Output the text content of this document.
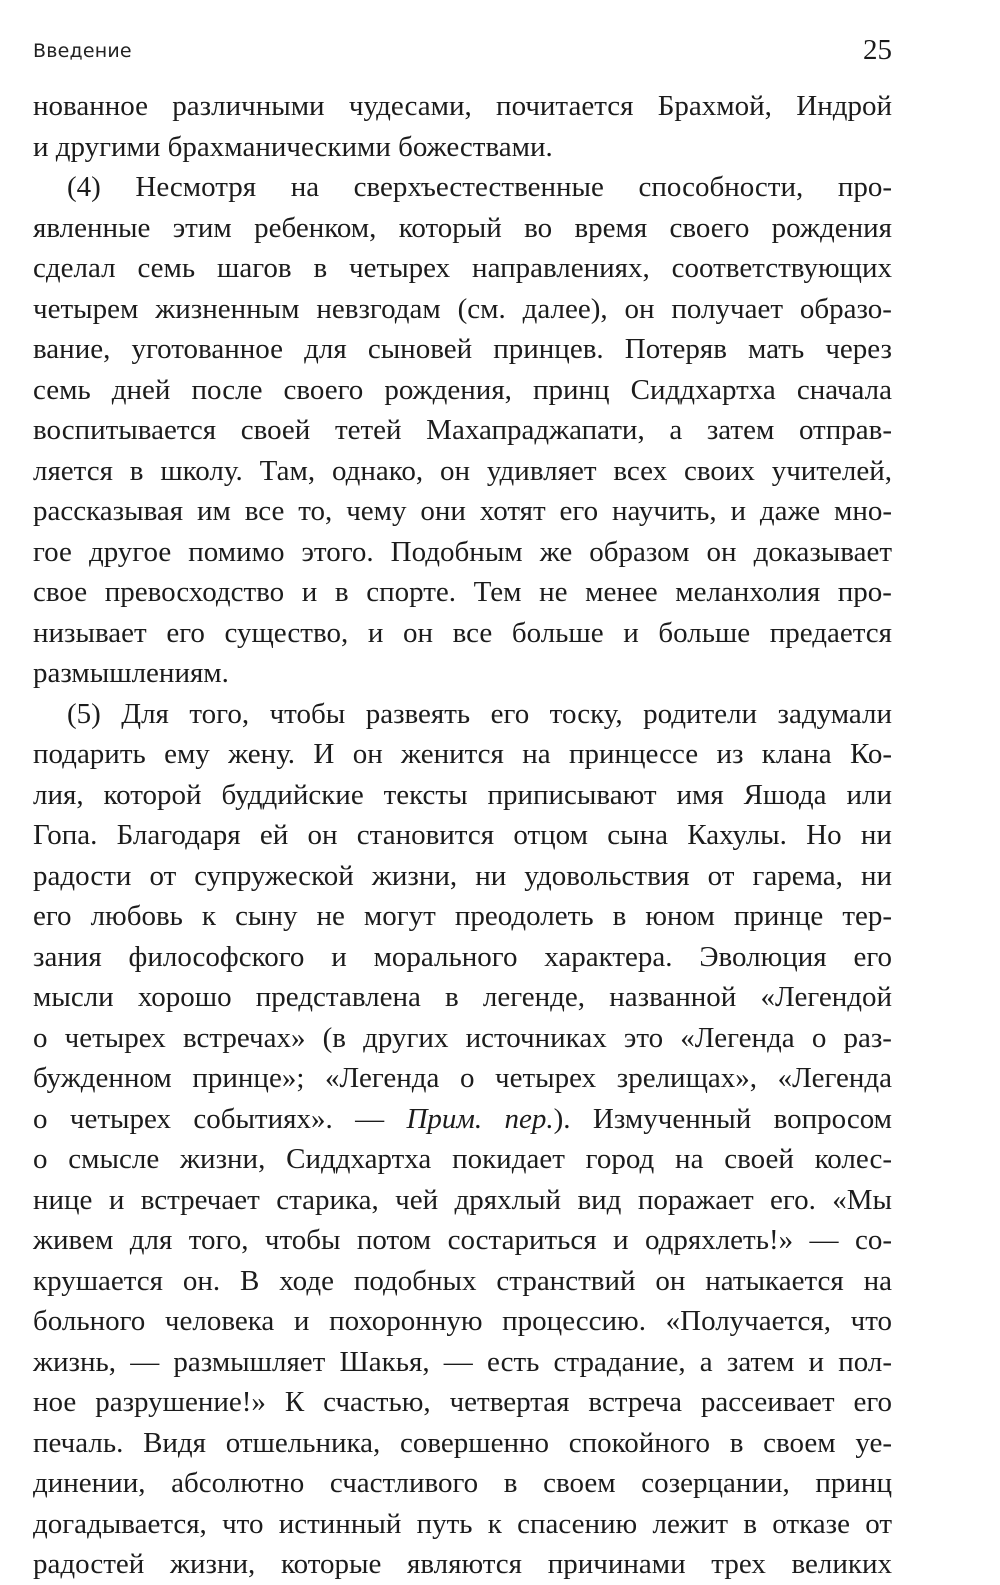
Введение	25
нованное различными чудесами, почитается Брахмой, Индрой
и другими брахманическими божествами.
(4) Несмотря на сверхъестественные способности, про-
явленные этим ребенком, который во время своего рождения
сделал семь шагов в четырех направлениях, соответствующих
четырем жизненным невзгодам (см. далее), он получает образо-
вание, уготованное для сыновей принцев. Потеряв мать через
семь дней после своего рождения, принц Сиддхартха сначала
воспитывается своей тетей Махапраджапати, а затем отправ-
ляется в школу. Там, однако, он удивляет всех своих учителей,
рассказывая им все то, чему они хотят его научить, и даже мно-
гое другое помимо этого. Подобным же образом он доказывает
свое превосходство и в спорте. Тем не менее меланхолия про-
низывает его существо, и он все больше и больше предается
размышлениям.
(5) Для того, чтобы развеять его тоску, родители задумали
подарить ему жену. И он женится на принцессе из клана Ко-
лия, которой буддийские тексты приписывают имя Яшода или
Гопа. Благодаря ей он становится отцом сына Кахулы. Но ни
радости от супружеской жизни, ни удовольствия от гарема, ни
его любовь к сыну не могут преодолеть в юном принце тер-
зания философского и морального характера. Эволюция его
мысли хорошо представлена в легенде, названной «Легендой
о четырех встречах» (в других источниках это «Легенда о раз-
бужденном принце»; «Легенда о четырех зрелищах», «Легенда
о четырех событиях». — Прим. пер.). Измученный вопросом
о смысле жизни, Сиддхартха покидает город на своей колес-
нице и встречает старика, чей дряхлый вид поражает его. «Мы
живем для того, чтобы потом состариться и одряхлеть!» — со-
крушается он. В ходе подобных странствий он натыкается на
больного человека и похоронную процессию. «Получается, что
жизнь, — размышляет Шакья, — есть страдание, а затем и пол-
ное разрушение!» К счастью, четвертая встреча рассеивает его
печаль. Видя отшельника, совершенно спокойного в своем уе-
динении, абсолютно счастливого в своем созерцании, принц
догадывается, что истинный путь к спасению лежит в отказе от
радостей жизни, которые являются причинами трех великих
